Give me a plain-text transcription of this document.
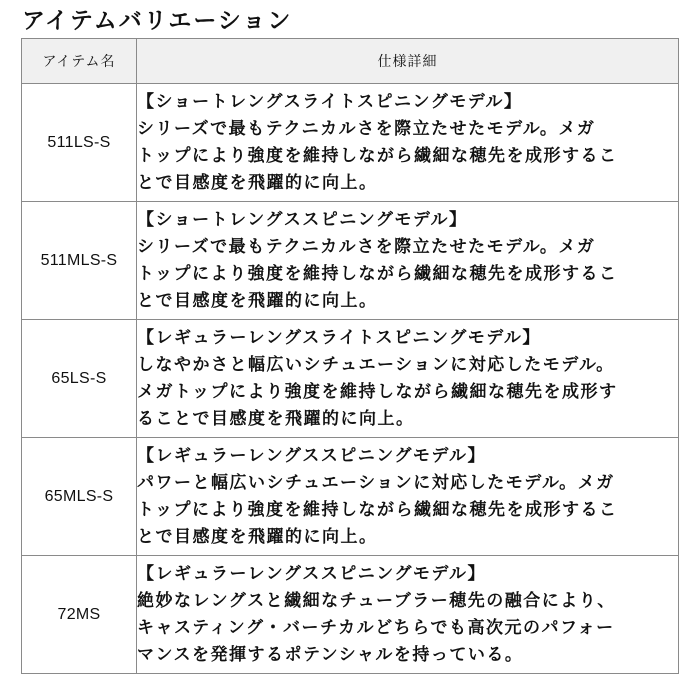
アイテムバリエーション
アイテム名	仕様詳細
511LS-S	【ショートレングスライトスピニングモデル】
シリーズで最もテクニカルさを際立たせたモデル。メガ
トップにより強度を維持しながら繊細な穂先を成形するこ
とで目感度を飛躍的に向上。

511MLS-S	【ショートレングススピニングモデル】
シリーズで最もテクニカルさを際立たせたモデル。メガ
トップにより強度を維持しながら繊細な穂先を成形するこ
とで目感度を飛躍的に向上。

65LS-S	【レギュラーレングスライトスピニングモデル】
しなやかさと幅広いシチュエーションに対応したモデル。
メガトップにより強度を維持しながら繊細な穂先を成形す
ることで目感度を飛躍的に向上。

65MLS-S	【レギュラーレングススピニングモデル】
パワーと幅広いシチュエーションに対応したモデル。メガ
トップにより強度を維持しながら繊細な穂先を成形するこ
とで目感度を飛躍的に向上。

72MS	【レギュラーレングススピニングモデル】
絶妙なレングスと繊細なチューブラー穂先の融合により、
キャスティング・バーチカルどちらでも高次元のパフォー
マンスを発揮するポテンシャルを持っている。
